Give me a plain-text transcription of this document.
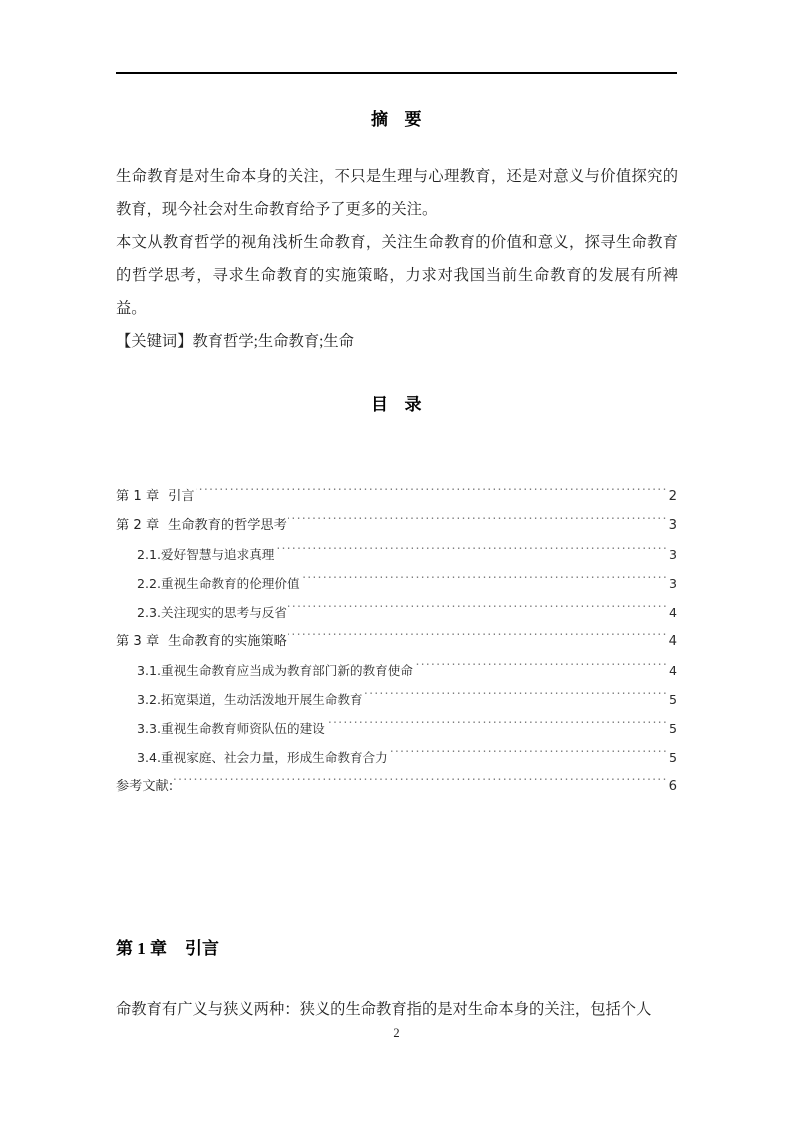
摘 要

生命教育是对生命本身的关注，不只是生理与心理教育，还是对意义与价值探究的教育，现今社会对生命教育给予了更多的关注。

本文从教育哲学的视角浅析生命教育，关注生命教育的价值和意义，探寻生命教育的哲学思考，寻求生命教育的实施策略，力求对我国当前生命教育的发展有所裨益。

【关键词】教育哲学;生命教育;生命

目 录
第 1 章 引言 .....	2
第 2 章 生命教育的哲学思考 .....	3
2.1.爱好智慧与追求真理 .....	3
2.2.重视生命教育的伦理价值 .....	3
2.3.关注现实的思考与反省 .....	4
第 3 章 生命教育的实施策略 .....	4
3.1.重视生命教育应当成为教育部门新的教育使命 .....	4
3.2.拓宽渠道，生动活泼地开展生命教育 .....	5
3.3.重视生命教育师资队伍的建设 .....	5
3.4.重视家庭、社会力量，形成生命教育合力 .....	5
参考文献: .....	6
第 1 章 引言

命教育有广义与狭义两种：狭义的生命教育指的是对生命本身的关注，包括个人

2
